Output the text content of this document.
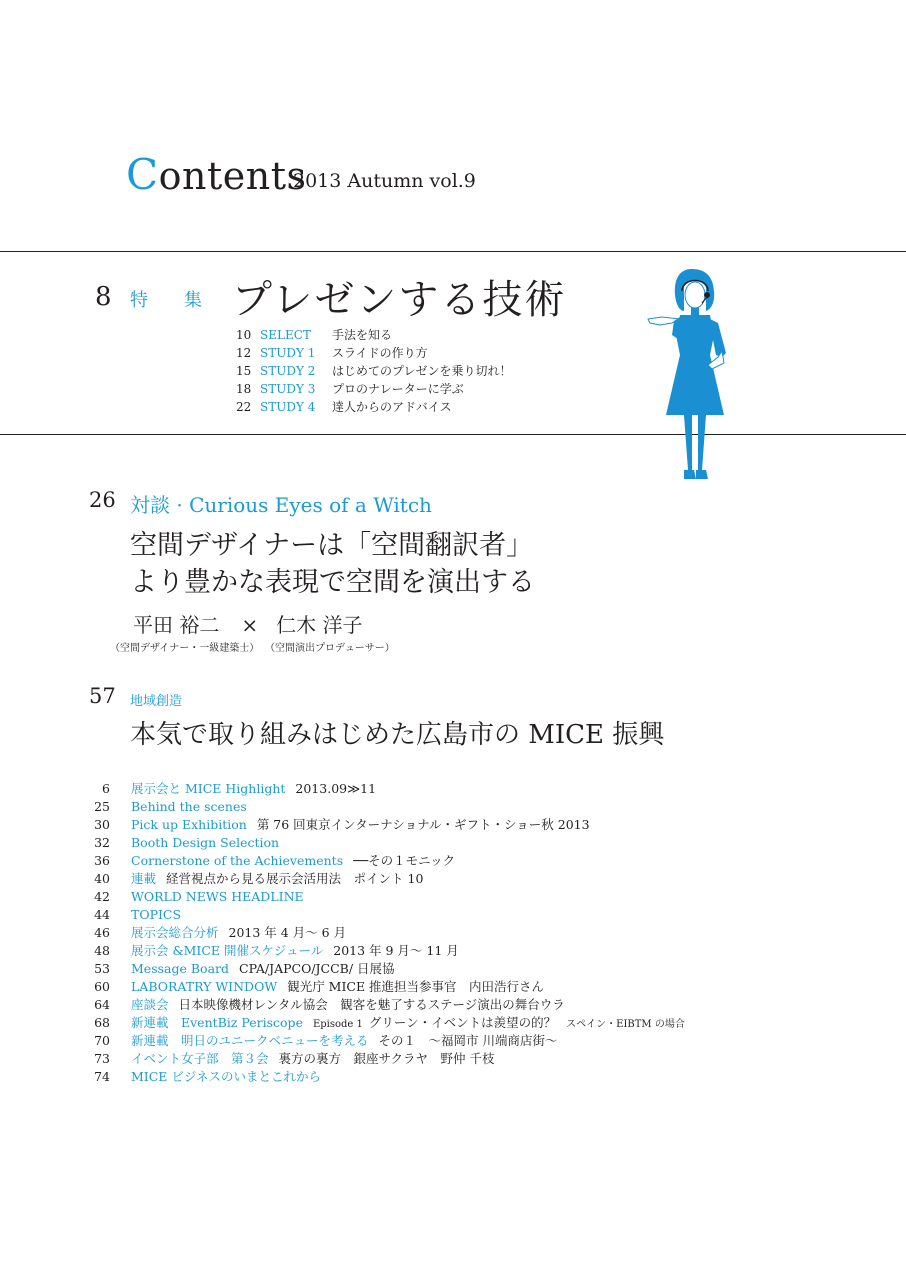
Contents
2013 Autumn vol.9
8 特集
プレゼンする技術
10 SELECT 手法を知る
12 STUDY 1 スライドの作り方
15 STUDY 2 はじめてのプレゼンを乗り切れ！
18 STUDY 3 プロのナレーターに学ぶ
22 STUDY 4 達人からのアドバイス
26 対談 · Curious Eyes of a Witch
空間デザイナーは「空間翻訳者」
より豊かな表現で空間を演出する
平田 裕二 × 仁木 洋子
（空間デザイナー・一級建築士） （空間演出プロデューサー）
57 地域創造
本気で取り組みはじめた広島市の MICE 振興
6 展示会と MICE Highlight 2013.09≫11
25 Behind the scenes
30 Pick up Exhibition 第 76 回東京インターナショナル・ギフト・ショー秋 2013
32 Booth Design Selection
36 Cornerstone of the Achievements ──その１モニック
40 連載 経営視点から見る展示会活用法　ポイント 10
42 WORLD NEWS HEADLINE
44 TOPICS
46 展示会総合分析 2013 年 4 月～ 6 月
48 展示会 &MICE 開催スケジュール 2013 年 9 月～ 11 月
53 Message Board CPA/JAPCO/JCCB/ 日展協
60 LABORATRY WINDOW 観光庁 MICE 推進担当参事官　内田浩行さん
64 座談会 日本映像機材レンタル協会　観客を魅了するステージ演出の舞台ウラ
68 新連載　EventBiz Periscope Episode 1 グリーン・イベントは羨望の的？ スペイン・EIBTM の場合
70 新連載　明日のユニークベニューを考える その１　～福岡市 川端商店街～
73 イベント女子部　第３会 裏方の裏方　銀座サクラヤ　野仲 千枝
74 MICE ビジネスのいまとこれから
